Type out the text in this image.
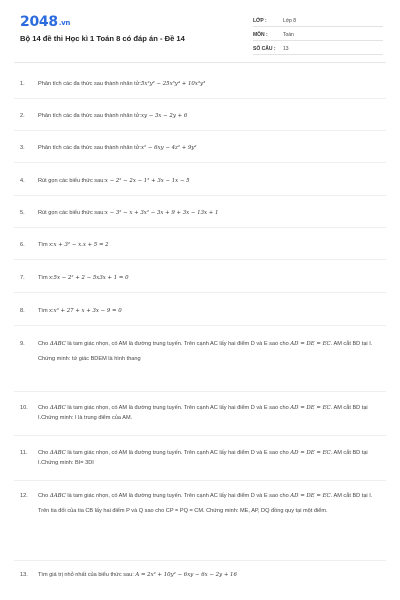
2048.vn
Bộ 14 đề thi Học kì 1 Toán 8 có đáp án - Đề 14
LỚP :	Lớp 8
MÔN :	Toán
SỐ CÂU :	13
1.	Phân tích các đa thức sau thành nhân tử:5x²y² − 25x³y⁴ + 10x³y³
2.	Phân tích các đa thức sau thành nhân tử:xy − 3x − 2y + 6
3.	Phân tích các đa thức sau thành nhân tử:x² − 6xy − 4z² + 9y²
4.	Rút gọn các biểu thức sau:x − 2² − 2x − 1² + 3x − 1x − 5
5.	Rút gọn các biểu thức sau:x − 3² − x + 3x² − 3x + 9 + 3x − 13x + 1
6.	Tìm x:x + 3² − x.x + 5 = 2
7.	Tìm x:5x − 2² + 2 − 5x3x + 1 = 0
8.	Tìm x:x³ + 27 + x + 3x − 9 = 0
9.	Cho ΔABC là tam giác nhọn, có AM là đường trung tuyến. Trên cạnh AC lấy hai điểm D và E sao cho AD = DE = EC. AM cắt BD tại I.
Chứng minh: tứ giác BDEM là hình thang
10.	Cho ΔABC là tam giác nhọn, có AM là đường trung tuyến. Trên cạnh AC lấy hai điểm D và E sao cho AD = DE = EC. AM cắt BD tại I.Chứng minh: I là trung điểm của AM.
11.	Cho ΔABC là tam giác nhọn, có AM là đường trung tuyến. Trên cạnh AC lấy hai điểm D và E sao cho AD = DE = EC. AM cắt BD tại I.Chứng minh: BI= 3DI
12.	Cho ΔABC là tam giác nhọn, có AM là đường trung tuyến. Trên cạnh AC lấy hai điểm D và E sao cho AD = DE = EC. AM cắt BD tại I.
Trên tia đối của tia CB lấy hai điểm P và Q sao cho CP = PQ = CM. Chứng minh: ME, AP, DQ đồng quy tại một điểm.
13.	Tìm giá trị nhỏ nhất của biểu thức sau: A = 2x² + 10y² − 6xy − 6x − 2y + 16
